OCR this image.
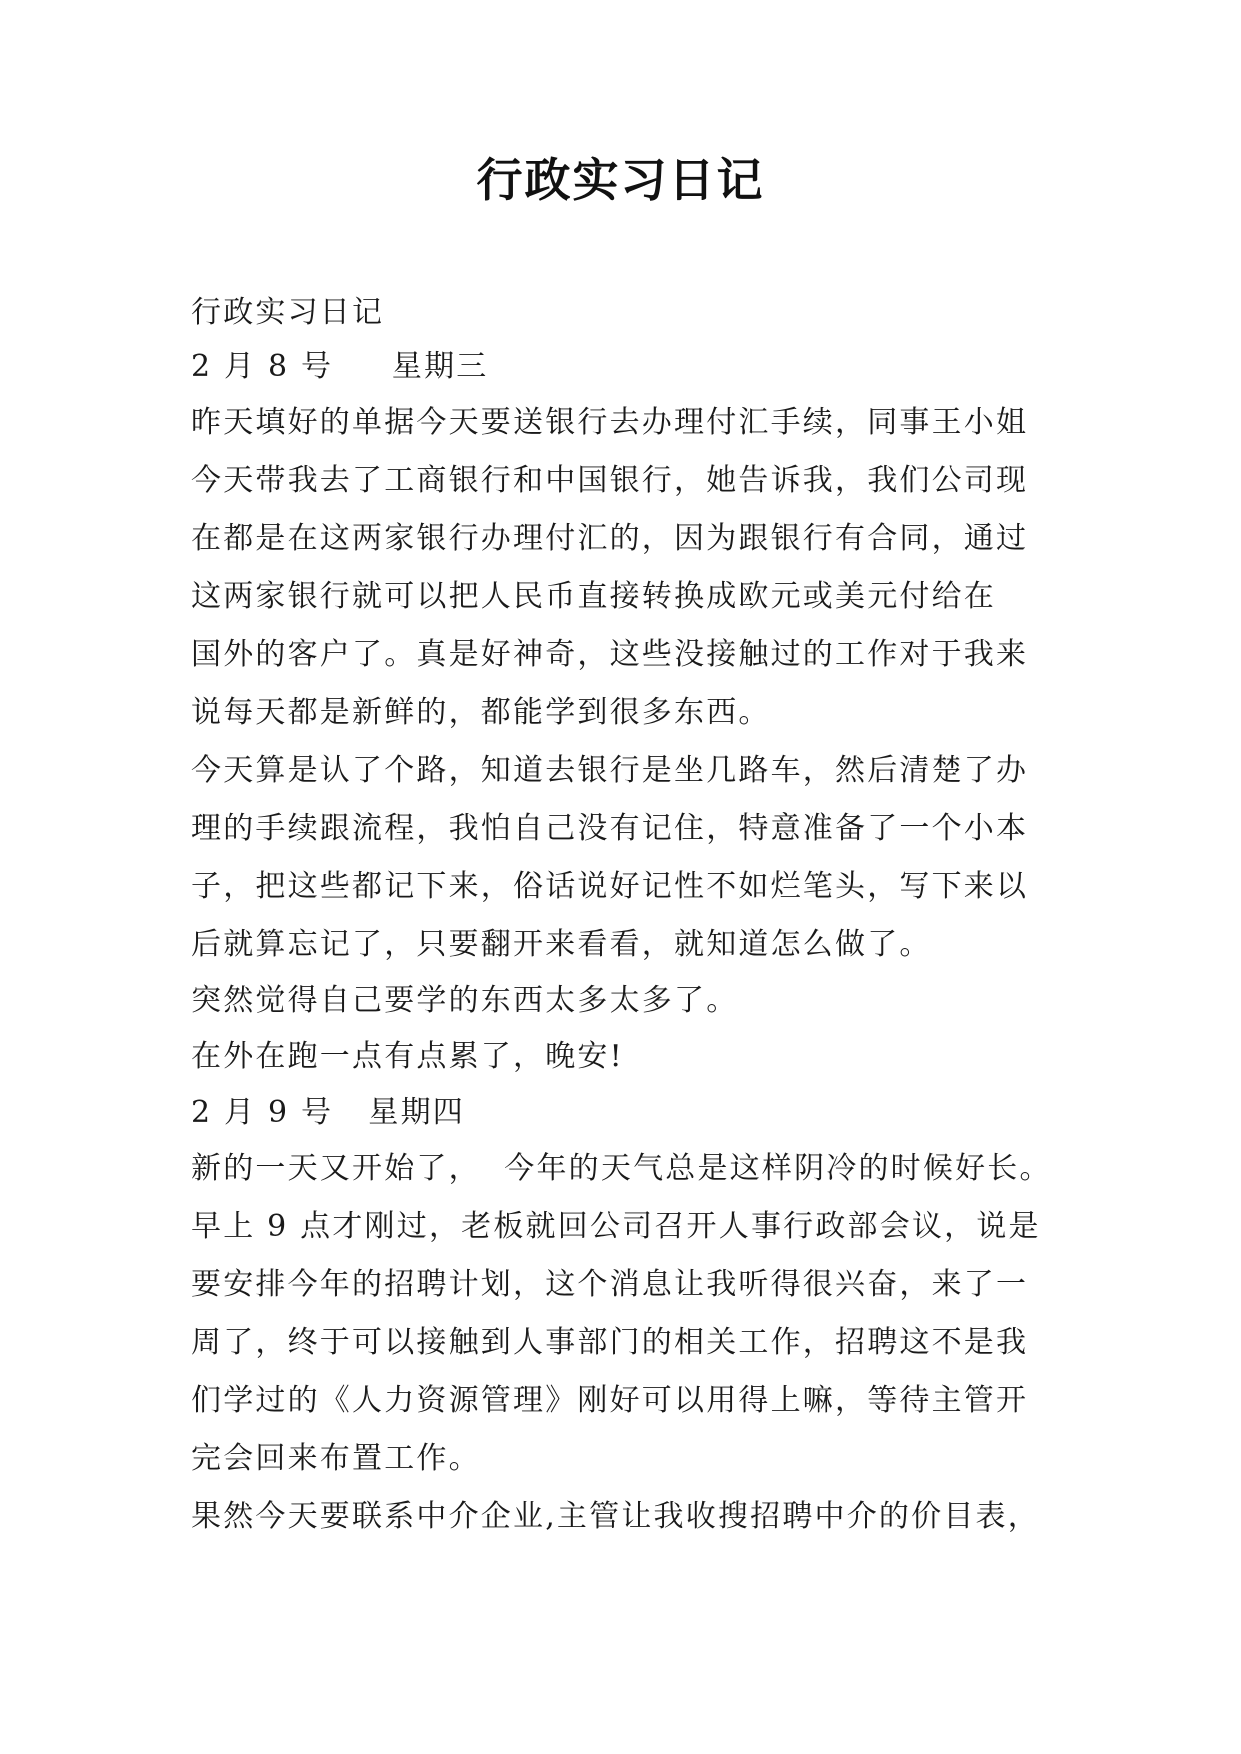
行政实习日记

行政实习日记

2 月 8 号     星期三

昨天填好的单据今天要送银行去办理付汇手续，同事王小姐

今天带我去了工商银行和中国银行，她告诉我，我们公司现

在都是在这两家银行办理付汇的，因为跟银行有合同，通过

这两家银行就可以把人民币直接转换成欧元或美元付给在

国外的客户了。真是好神奇，这些没接触过的工作对于我来

说每天都是新鲜的，都能学到很多东西。

今天算是认了个路，知道去银行是坐几路车，然后清楚了办

理的手续跟流程，我怕自己没有记住，特意准备了一个小本

子，把这些都记下来，俗话说好记性不如烂笔头，写下来以

后就算忘记了，只要翻开来看看，就知道怎么做了。

突然觉得自己要学的东西太多太多了。

在外在跑一点有点累了，晚安!

2 月 9 号   星期四

新的一天又开始了，  今年的天气总是这样阴冷的时候好长。

早上 9 点才刚过，老板就回公司召开人事行政部会议，说是

要安排今年的招聘计划，这个消息让我听得很兴奋，来了一

周了，终于可以接触到人事部门的相关工作，招聘这不是我

们学过的《人力资源管理》刚好可以用得上嘛，等待主管开

完会回来布置工作。

果然今天要联系中介企业,主管让我收搜招聘中介的价目表，
